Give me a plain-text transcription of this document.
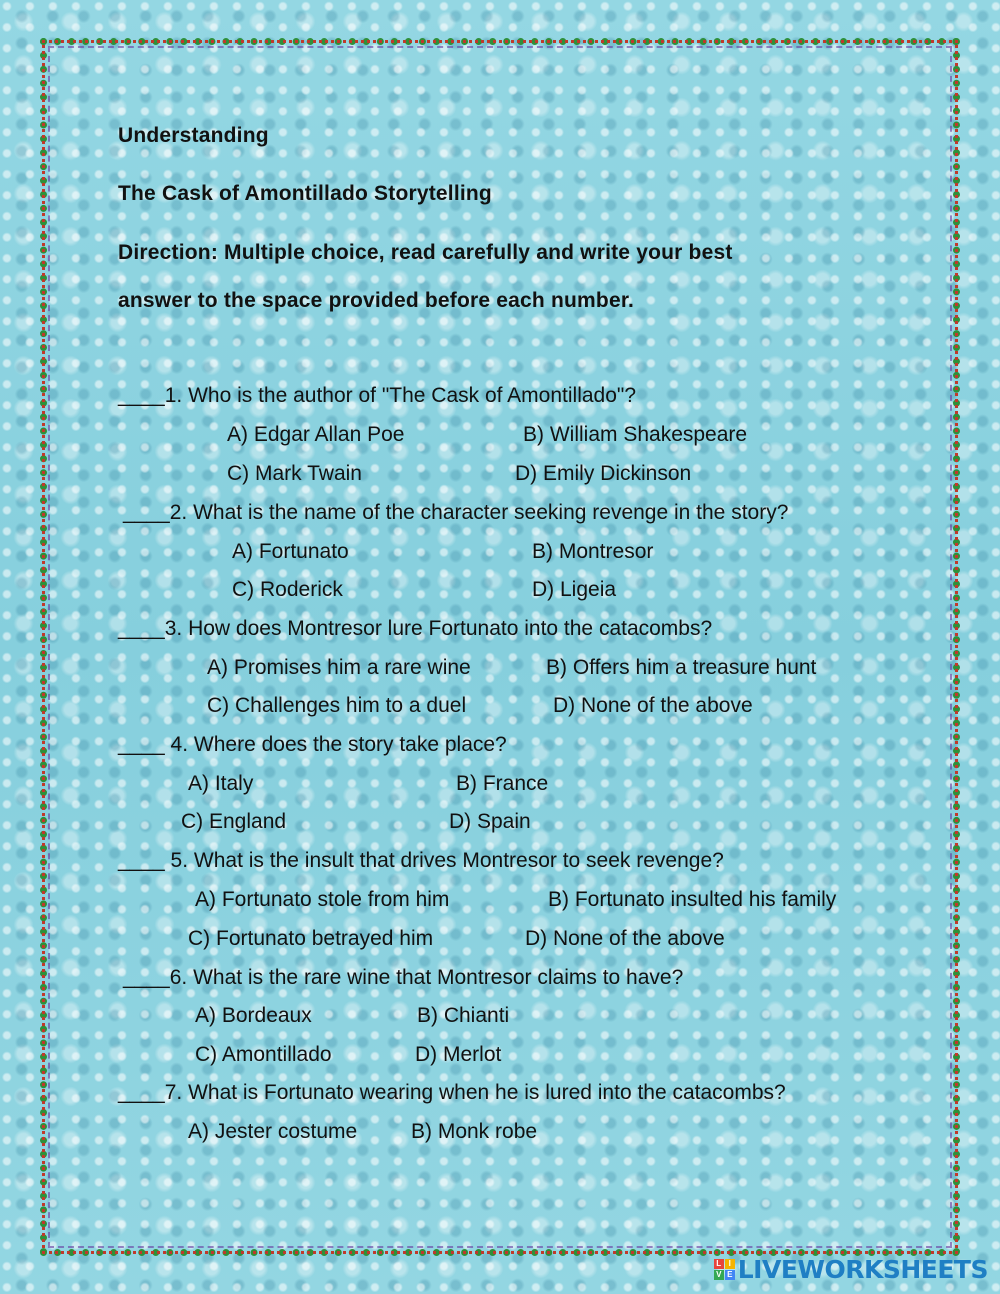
Understanding
The Cask of Amontillado Storytelling
Direction: Multiple choice, read carefully and write your best
answer to the space provided before each number.
____1. Who is the author of "The Cask of Amontillado"?
A) Edgar Allan Poe	B) William Shakespeare
C) Mark Twain	D) Emily Dickinson
____2. What is the name of the character seeking revenge in the story?
A) Fortunato	B) Montresor
C) Roderick	D) Ligeia
____3. How does Montresor lure Fortunato into the catacombs?
A) Promises him a rare wine	B) Offers him a treasure hunt
C) Challenges him to a duel	D) None of the above
____ 4. Where does the story take place?
A) Italy	B) France
C) England	D) Spain
____ 5. What is the insult that drives Montresor to seek revenge?
A) Fortunato stole from him	B) Fortunato insulted his family
C) Fortunato betrayed him	D) None of the above
____6. What is the rare wine that Montresor claims to have?
A) Bordeaux	B) Chianti
C) Amontillado	D) Merlot
____7. What is Fortunato wearing when he is lured into the catacombs?
A) Jester costume	B) Monk robe
L I
V E LIVEWORKSHEETS
